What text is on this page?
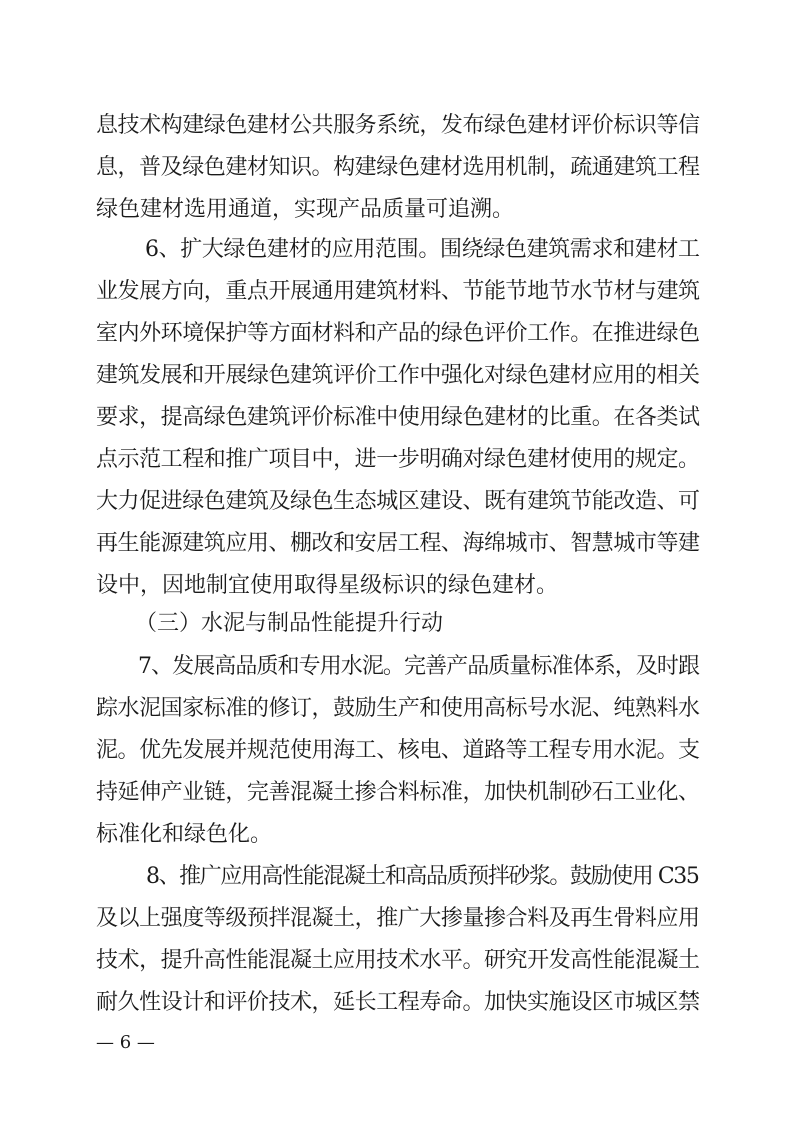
息技术构建绿色建材公共服务系统，发布绿色建材评价标识等信
息，普及绿色建材知识。构建绿色建材选用机制，疏通建筑工程
绿色建材选用通道，实现产品质量可追溯。
6、扩大绿色建材的应用范围。围绕绿色建筑需求和建材工
业发展方向，重点开展通用建筑材料、节能节地节水节材与建筑
室内外环境保护等方面材料和产品的绿色评价工作。在推进绿色
建筑发展和开展绿色建筑评价工作中强化对绿色建材应用的相关
要求，提高绿色建筑评价标准中使用绿色建材的比重。在各类试
点示范工程和推广项目中，进一步明确对绿色建材使用的规定。
大力促进绿色建筑及绿色生态城区建设、既有建筑节能改造、可
再生能源建筑应用、棚改和安居工程、海绵城市、智慧城市等建
设中，因地制宜使用取得星级标识的绿色建材。
（三）水泥与制品性能提升行动
7、发展高品质和专用水泥。完善产品质量标准体系，及时跟
踪水泥国家标准的修订，鼓励生产和使用高标号水泥、纯熟料水
泥。优先发展并规范使用海工、核电、道路等工程专用水泥。支
持延伸产业链，完善混凝土掺合料标准，加快机制砂石工业化、
标准化和绿色化。
8、推广应用高性能混凝土和高品质预拌砂浆。鼓励使用 C35
及以上强度等级预拌混凝土，推广大掺量掺合料及再生骨料应用
技术，提升高性能混凝土应用技术水平。研究开发高性能混凝土
耐久性设计和评价技术，延长工程寿命。加快实施设区市城区禁
— 6 —
